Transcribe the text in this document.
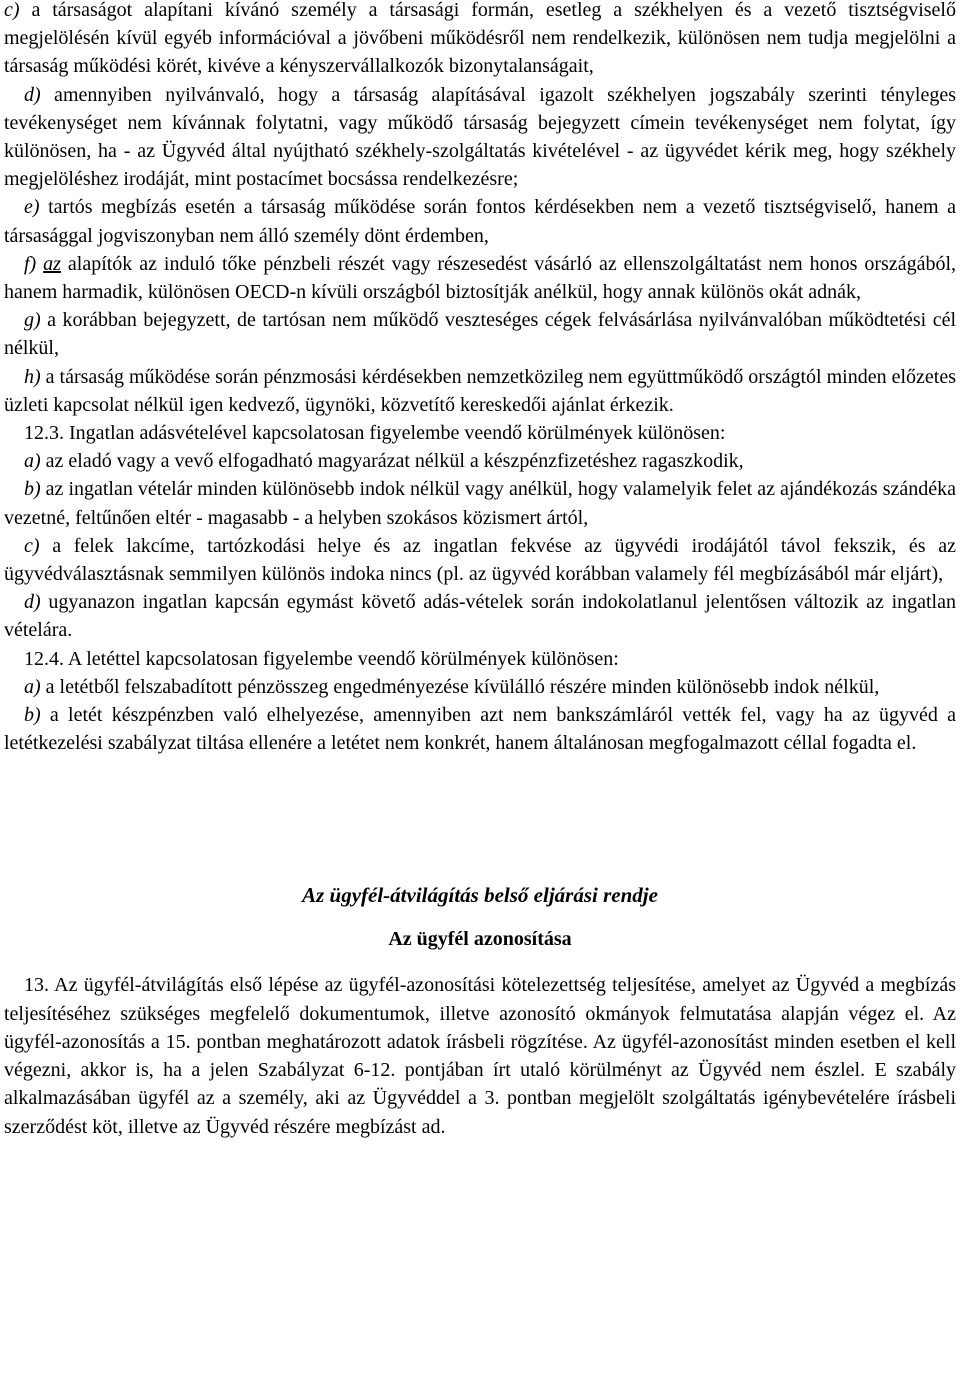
c) a társaságot alapítani kívánó személy a társasági formán, esetleg a székhelyen és a vezető tisztségviselő megjelölésén kívül egyéb információval a jövőbeni működésről nem rendelkezik, különösen nem tudja megjelölni a társaság működési körét, kivéve a kényszervállalkozók bizonytalanságait,

d) amennyiben nyilvánvaló, hogy a társaság alapításával igazolt székhelyen jogszabály szerinti tényleges tevékenységet nem kívánnak folytatni, vagy működő társaság bejegyzett címein tevékenységet nem folytat, így különösen, ha - az Ügyvéd által nyújtható székhely-szolgáltatás kivételével - az ügyvédet kérik meg, hogy székhely megjelöléshez irodáját, mint postacímet bocsássa rendelkezésre;

e) tartós megbízás esetén a társaság működése során fontos kérdésekben nem a vezető tisztségviselő, hanem a társasággal jogviszonyban nem álló személy dönt érdemben,

f) az alapítók az induló tőke pénzbeli részét vagy részesedést vásárló az ellenszolgáltatást nem honos országából, hanem harmadik, különösen OECD-n kívüli országból biztosítják anélkül, hogy annak különös okát adnák,

g) a korábban bejegyzett, de tartósan nem működő veszteséges cégek felvásárlása nyilvánvalóban működtetési cél nélkül,

h) a társaság működése során pénzmosási kérdésekben nemzetközileg nem együttműködő országtól minden előzetes üzleti kapcsolat nélkül igen kedvező, ügynöki, közvetítő kereskedői ajánlat érkezik.

12.3. Ingatlan adásvételével kapcsolatosan figyelembe veendő körülmények különösen:

a) az eladó vagy a vevő elfogadható magyarázat nélkül a készpénzfizetéshez ragaszkodik,

b) az ingatlan vételár minden különösebb indok nélkül vagy anélkül, hogy valamelyik felet az ajándékozás szándéka vezetné, feltűnően eltér - magasabb - a helyben szokásos közismert ártól,

c) a felek lakcíme, tartózkodási helye és az ingatlan fekvése az ügyvédi irodájától távol fekszik, és az ügyvédválasztásnak semmilyen különös indoka nincs (pl. az ügyvéd korábban valamely fél megbízásából már eljárt),

d) ugyanazon ingatlan kapcsán egymást követő adás-vételek során indokolatlanul jelentősen változik az ingatlan vételára.

12.4. A letéttel kapcsolatosan figyelembe veendő körülmények különösen:

a) a letétből felszabadított pénzösszeg engedményezése kívülálló részére minden különösebb indok nélkül,

b) a letét készpénzben való elhelyezése, amennyiben azt nem bankszámláról vették fel, vagy ha az ügyvéd a letétkezelési szabályzat tiltása ellenére a letétet nem konkrét, hanem általánosan megfogalmazott céllal fogadta el.

Az ügyfél-átvilágítás belső eljárási rendje
Az ügyfél azonosítása

13. Az ügyfél-átvilágítás első lépése az ügyfél-azonosítási kötelezettség teljesítése, amelyet az Ügyvéd a megbízás teljesítéséhez szükséges megfelelő dokumentumok, illetve azonosító okmányok felmutatása alapján végez el. Az ügyfél-azonosítás a 15. pontban meghatározott adatok írásbeli rögzítése. Az ügyfél-azonosítást minden esetben el kell végezni, akkor is, ha a jelen Szabályzat 6-12. pontjában írt utaló körülményt az Ügyvéd nem észlel. E szabály alkalmazásában ügyfél az a személy, aki az Ügyvéddel a 3. pontban megjelölt szolgáltatás igénybevételére írásbeli szerződést köt, illetve az Ügyvéd részére megbízást ad.
